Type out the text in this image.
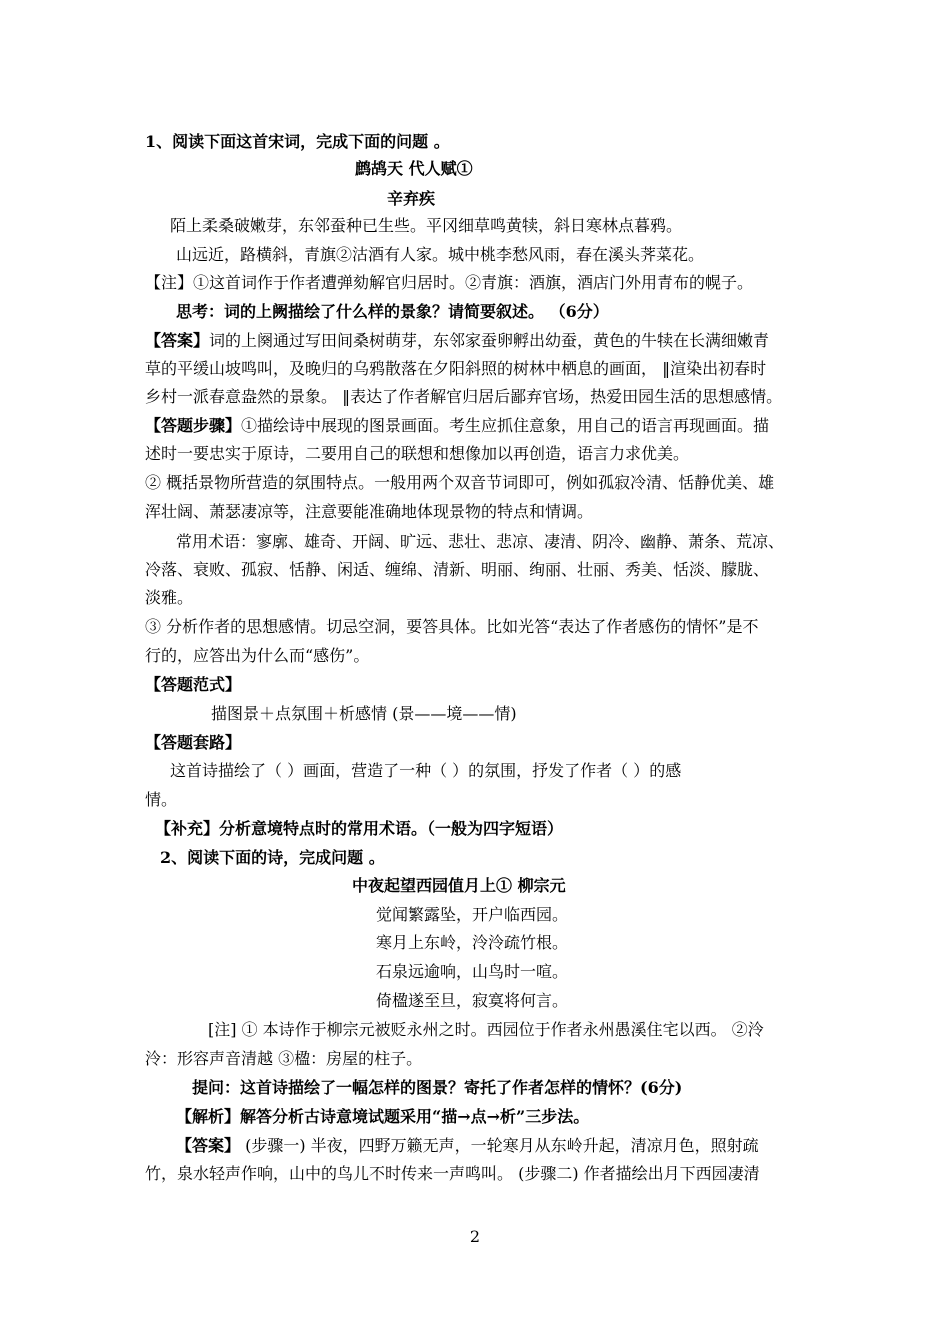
1、阅读下面这首宋词，完成下面的问题 。
鹧鸪天 代人赋①
辛弃疾
陌上柔桑破嫩芽，东邻蚕种已生些。平冈细草鸣黄犊，斜日寒林点暮鸦。
山远近，路横斜，青旗②沽酒有人家。城中桃李愁风雨，春在溪头荠菜花。
【注】①这首词作于作者遭弹劾解官归居时。②青旗：酒旗，酒店门外用青布的幌子。
思考：词的上阙描绘了什么样的景象？请简要叙述。 （6分）
【答案】词的上阕通过写田间桑树萌芽，东邻家蚕卵孵出幼蚕，黄色的牛犊在长满细嫩青
草的平缓山坡鸣叫，及晚归的乌鸦散落在夕阳斜照的树林中栖息的画面， ‖渲染出初春时
乡村一派春意盎然的景象。 ‖表达了作者解官归居后鄙弃官场，热爱田园生活的思想感情。
【答题步骤】①描绘诗中展现的图景画面。考生应抓住意象，用自己的语言再现画面。描
述时一要忠实于原诗，二要用自己的联想和想像加以再创造，语言力求优美。
② 概括景物所营造的氛围特点。一般用两个双音节词即可，例如孤寂冷清、恬静优美、雄
浑壮阔、萧瑟凄凉等，注意要能准确地体现景物的特点和情调。
常用术语：寥廓、雄奇、开阔、旷远、悲壮、悲凉、凄清、阴冷、幽静、萧条、荒凉、
冷落、衰败、孤寂、恬静、闲适、缠绵、清新、明丽、绚丽、壮丽、秀美、恬淡、朦胧、
淡雅。
③ 分析作者的思想感情。切忌空洞，要答具体。比如光答“表达了作者感伤的情怀”是不
行的，应答出为什么而“感伤”。
【答题范式】
描图景＋点氛围＋析感情 (景——境——情)
【答题套路】
这首诗描绘了（ ）画面，营造了一种（ ）的氛围，抒发了作者（ ）的感
情。
【补充】分析意境特点时的常用术语。（一般为四字短语）
2、阅读下面的诗，完成问题 。
中夜起望西园值月上① 柳宗元
觉闻繁露坠，开户临西园。
寒月上东岭，泠泠疏竹根。
石泉远逾响，山鸟时一喧。
倚楹遂至旦，寂寞将何言。
[注] ① 本诗作于柳宗元被贬永州之时。西园位于作者永州愚溪住宅以西。 ②泠
泠：形容声音清越 ③楹：房屋的柱子。
提问：这首诗描绘了一幅怎样的图景？寄托了作者怎样的情怀？(6分)
【解析】解答分析古诗意境试题采用“描→点→析”三步法。
【答案】 (步骤一) 半夜，四野万籁无声，一轮寒月从东岭升起，清凉月色，照射疏
竹，泉水轻声作响，山中的鸟儿不时传来一声鸣叫。 (步骤二) 作者描绘出月下西园凄清
2
